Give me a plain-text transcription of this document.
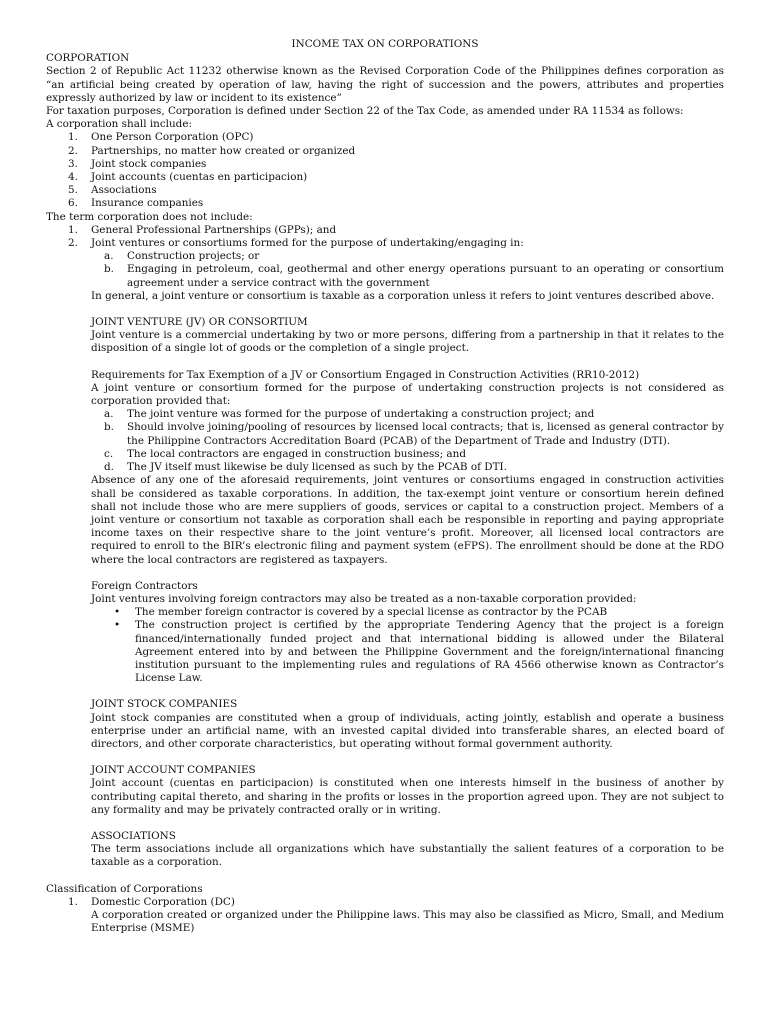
INCOME TAX ON CORPORATIONS

CORPORATION

Section 2 of Republic Act 11232 otherwise known as the Revised Corporation Code of the Philippines defines corporation as “an artificial being created by operation of law, having the right of succession and the powers, attributes and properties expressly authorized by law or incident to its existence”

For taxation purposes, Corporation is defined under Section 22 of the Tax Code, as amended under RA 11534 as follows:

A corporation shall include:

1. One Person Corporation (OPC)
2. Partnerships, no matter how created or organized
3. Joint stock companies
4. Joint accounts (cuentas en participacion)
5. Associations
6. Insurance companies

The term corporation does not include:

1. General Professional Partnerships (GPPs); and
2. Joint ventures or consortiums formed for the purpose of undertaking/engaging in:
a. Construction projects; or
b. Engaging in petroleum, coal, geothermal and other energy operations pursuant to an operating or consortium agreement under a service contract with the government

In general, a joint venture or consortium is taxable as a corporation unless it refers to joint ventures described above.

JOINT VENTURE (JV) OR CONSORTIUM

Joint venture is a commercial undertaking by two or more persons, differing from a partnership in that it relates to the disposition of a single lot of goods or the completion of a single project.

Requirements for Tax Exemption of a JV or Consortium Engaged in Construction Activities (RR10-2012)

A joint venture or consortium formed for the purpose of undertaking construction projects is not considered as corporation provided that:

a. The joint venture was formed for the purpose of undertaking a construction project; and
b. Should involve joining/pooling of resources by licensed local contracts; that is, licensed as general contractor by the Philippine Contractors Accreditation Board (PCAB) of the Department of Trade and Industry (DTI).
c. The local contractors are engaged in construction business; and
d. The JV itself must likewise be duly licensed as such by the PCAB of DTI.

Absence of any one of the aforesaid requirements, joint ventures or consortiums engaged in construction activities shall be considered as taxable corporations. In addition, the tax-exempt joint venture or consortium herein defined shall not include those who are mere suppliers of goods, services or capital to a construction project. Members of a joint venture or consortium not taxable as corporation shall each be responsible in reporting and paying appropriate income taxes on their respective share to the joint venture’s profit. Moreover, all licensed local contractors are required to enroll to the BIR’s electronic filing and payment system (eFPS). The enrollment should be done at the RDO where the local contractors are registered as taxpayers.

Foreign Contractors

Joint ventures involving foreign contractors may also be treated as a non-taxable corporation provided:

• The member foreign contractor is covered by a special license as contractor by the PCAB
• The construction project is certified by the appropriate Tendering Agency that the project is a foreign financed/internationally funded project and that international bidding is allowed under the Bilateral Agreement entered into by and between the Philippine Government and the foreign/international financing institution pursuant to the implementing rules and regulations of RA 4566 otherwise known as Contractor’s License Law.

JOINT STOCK COMPANIES

Joint stock companies are constituted when a group of individuals, acting jointly, establish and operate a business enterprise under an artificial name, with an invested capital divided into transferable shares, an elected board of directors, and other corporate characteristics, but operating without formal government authority.

JOINT ACCOUNT COMPANIES

Joint account (cuentas en participacion) is constituted when one interests himself in the business of another by contributing capital thereto, and sharing in the profits or losses in the proportion agreed upon. They are not subject to any formality and may be privately contracted orally or in writing.

ASSOCIATIONS

The term associations include all organizations which have substantially the salient features of a corporation to be taxable as a corporation.

Classification of Corporations

1. Domestic Corporation (DC)

A corporation created or organized under the Philippine laws. This may also be classified as Micro, Small, and Medium Enterprise (MSME)
